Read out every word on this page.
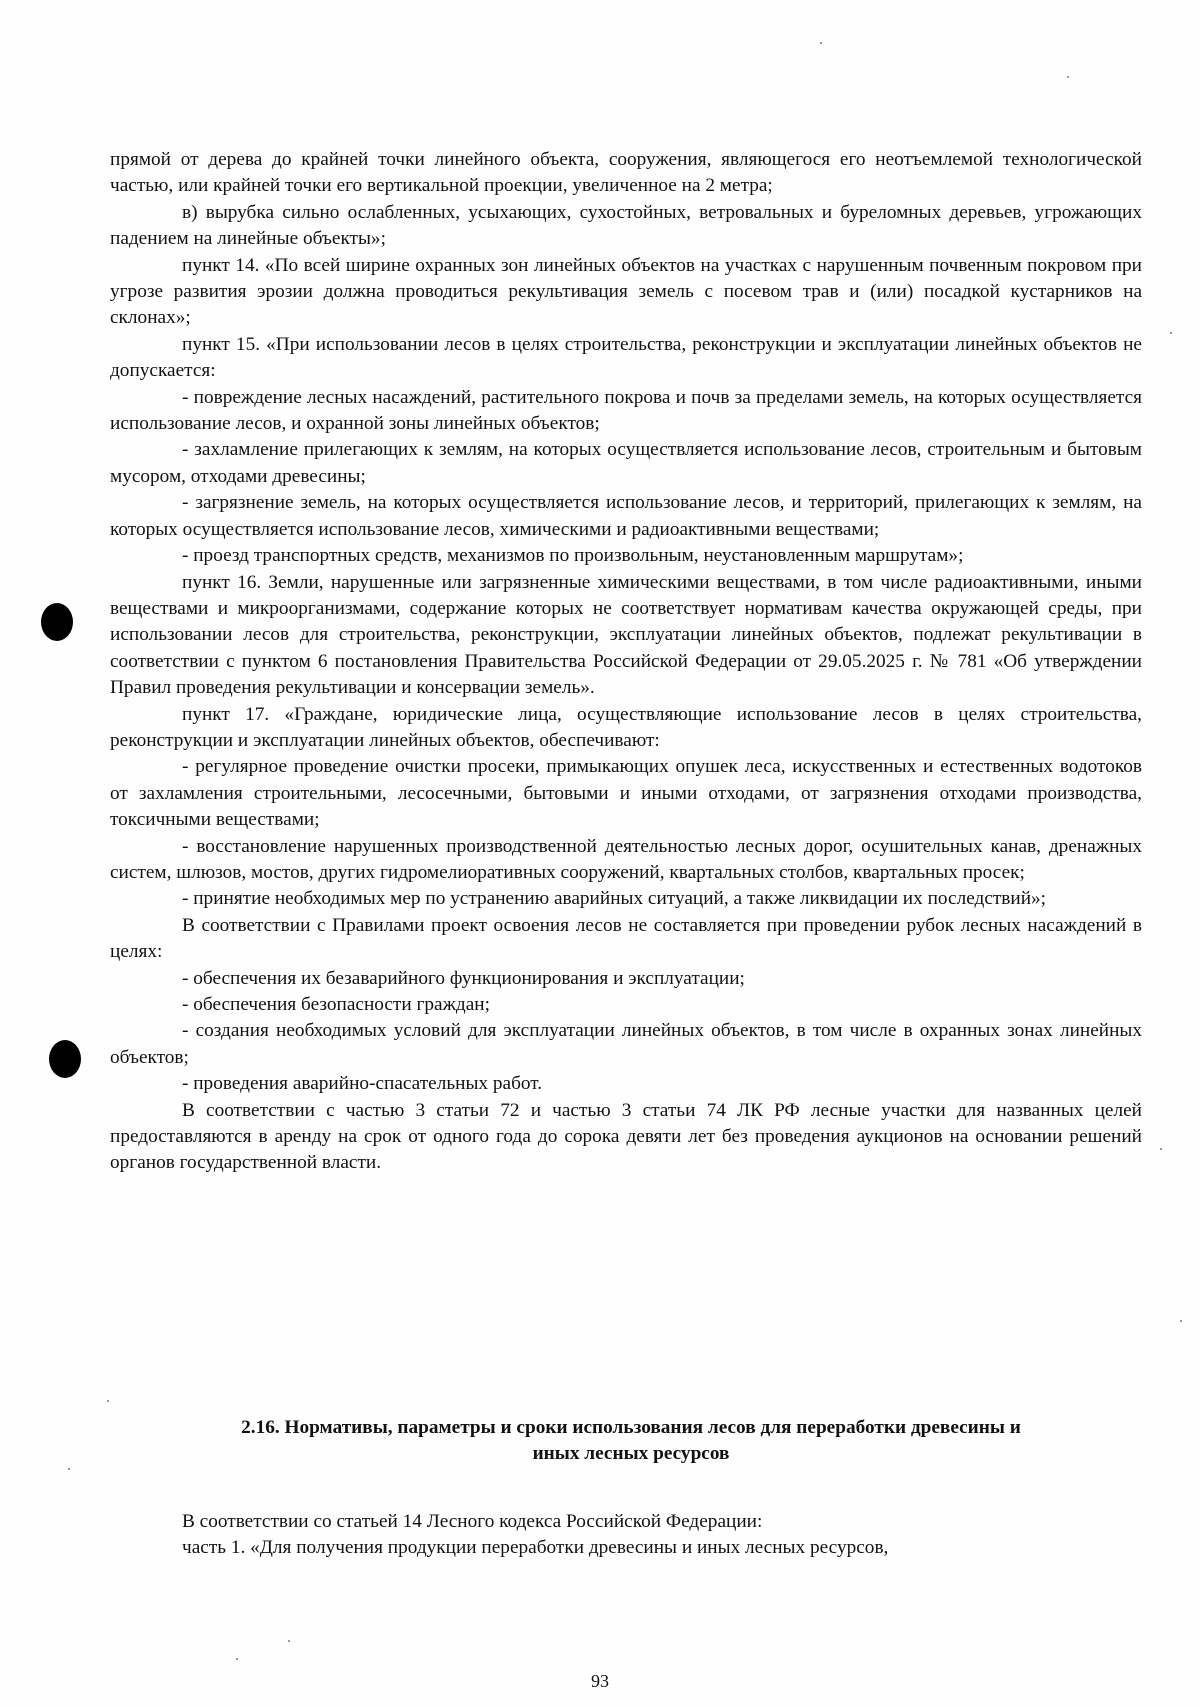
прямой от дерева до крайней точки линейного объекта, сооружения, являющегося его неотъемлемой технологической частью, или крайней точки его вертикальной проекции, увеличенное на 2 метра;

в) вырубка сильно ослабленных, усыхающих, сухостойных, ветровальных и буреломных деревьев, угрожающих падением на линейные объекты»;

пункт 14. «По всей ширине охранных зон линейных объектов на участках с нарушенным почвенным покровом при угрозе развития эрозии должна проводиться рекультивация земель с посевом трав и (или) посадкой кустарников на склонах»;

пункт 15. «При использовании лесов в целях строительства, реконструкции и эксплуатации линейных объектов не допускается:

- повреждение лесных насаждений, растительного покрова и почв за пределами земель, на которых осуществляется использование лесов, и охранной зоны линейных объектов;

- захламление прилегающих к землям, на которых осуществляется использование лесов, строительным и бытовым мусором, отходами древесины;

- загрязнение земель, на которых осуществляется использование лесов, и территорий, прилегающих к землям, на которых осуществляется использование лесов, химическими и радиоактивными веществами;

- проезд транспортных средств, механизмов по произвольным, неустановленным маршрутам»;

пункт 16. Земли, нарушенные или загрязненные химическими веществами, в том числе радиоактивными, иными веществами и микроорганизмами, содержание которых не соответствует нормативам качества окружающей среды, при использовании лесов для строительства, реконструкции, эксплуатации линейных объектов, подлежат рекультивации в соответствии с пунктом 6 постановления Правительства Российской Федерации от 29.05.2025 г. № 781 «Об утверждении Правил проведения рекультивации и консервации земель».

пункт 17. «Граждане, юридические лица, осуществляющие использование лесов в целях строительства, реконструкции и эксплуатации линейных объектов, обеспечивают:

- регулярное проведение очистки просеки, примыкающих опушек леса, искусственных и естественных водотоков от захламления строительными, лесосечными, бытовыми и иными отходами, от загрязнения отходами производства, токсичными веществами;

- восстановление нарушенных производственной деятельностью лесных дорог, осушительных канав, дренажных систем, шлюзов, мостов, других гидромелиоративных сооружений, квартальных столбов, квартальных просек;

- принятие необходимых мер по устранению аварийных ситуаций, а также ликвидации их последствий»;

В соответствии с Правилами проект освоения лесов не составляется при проведении рубок лесных насаждений в целях:

- обеспечения их безаварийного функционирования и эксплуатации;

- обеспечения безопасности граждан;

- создания необходимых условий для эксплуатации линейных объектов, в том числе в охранных зонах линейных объектов;

- проведения аварийно-спасательных работ.

В соответствии с частью 3 статьи 72 и частью 3 статьи 74 ЛК РФ лесные участки для названных целей предоставляются в аренду на срок от одного года до сорока девяти лет без проведения аукционов на основании решений органов государственной власти.

2.16. Нормативы, параметры и сроки использования лесов для переработки древесины и
иных лесных ресурсов

В соответствии со статьей 14 Лесного кодекса Российской Федерации:

часть 1. «Для получения продукции переработки древесины и иных лесных ресурсов,

93
